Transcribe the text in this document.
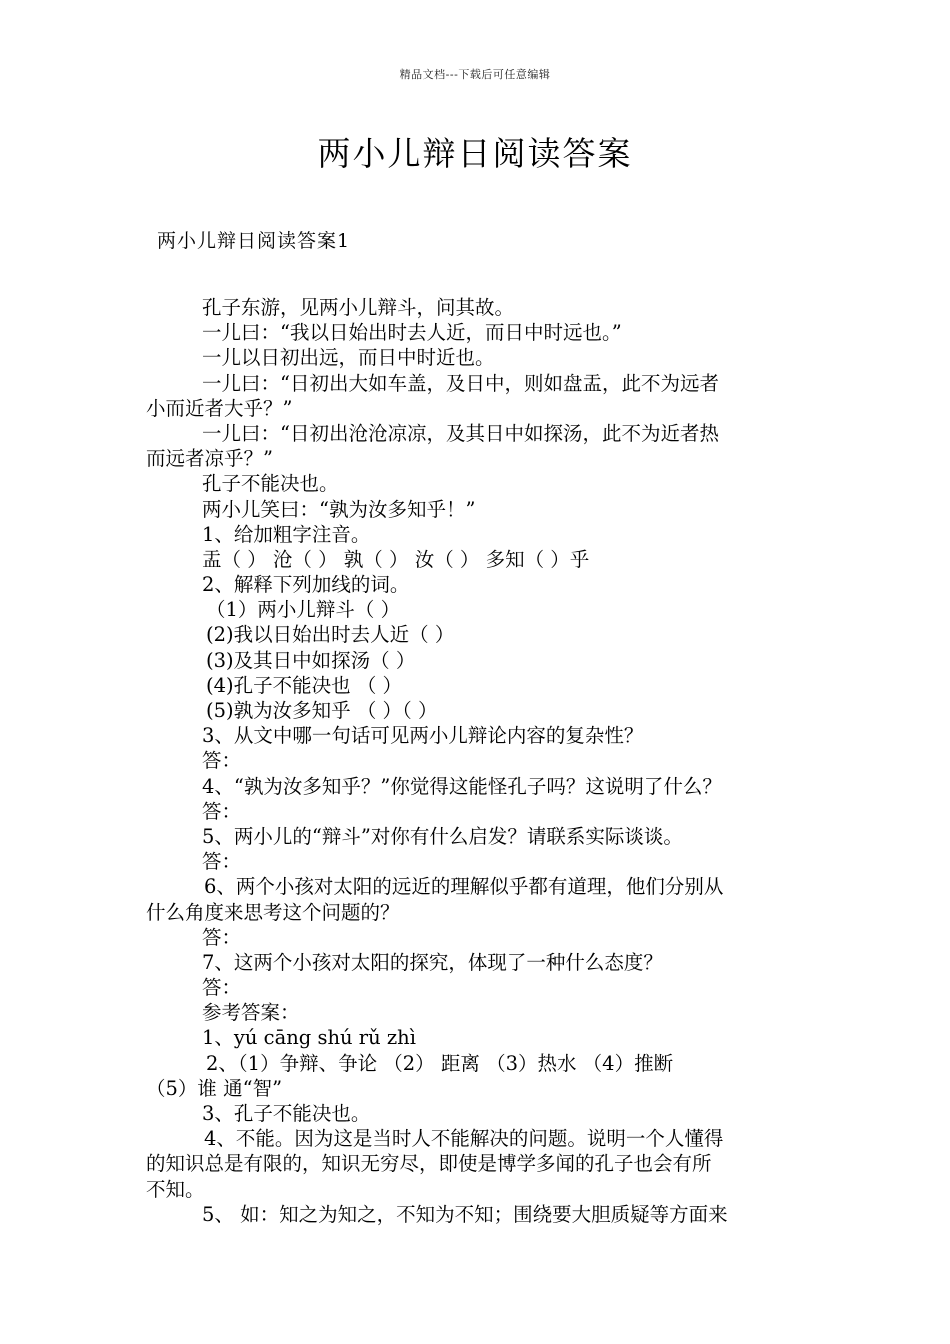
精品文档---下载后可任意编辑
两小儿辩日阅读答案
两小儿辩日阅读答案1
孔子东游，见两小儿辩斗，问其故。
一儿曰：“我以日始出时去人近，而日中时远也。”
一儿以日初出远，而日中时近也。
一儿曰：“日初出大如车盖，及日中，则如盘盂，此不为远者
小而近者大乎？”
一儿曰：“日初出沧沧凉凉，及其日中如探汤，此不为近者热
而远者凉乎？”
孔子不能决也。
两小儿笑曰：“孰为汝多知乎！”
1、给加粗字注音。
盂（ ） 沧（ ） 孰（ ） 汝（ ） 多知（ ）乎
2、解释下列加线的词。
（1）两小儿辩斗（ ）
(2)我以日始出时去人近（ ）
(3)及其日中如探汤（ ）
(4)孔子不能决也 （ ）
(5)孰为汝多知乎 （ ）（ ）
3、从文中哪一句话可见两小儿辩论内容的复杂性？
答：
4、“孰为汝多知乎？”你觉得这能怪孔子吗？这说明了什么？
答：
5、两小儿的“辩斗”对你有什么启发？请联系实际谈谈。
答：
6、两个小孩对太阳的远近的理解似乎都有道理，他们分别从
什么角度来思考这个问题的？
答：
7、这两个小孩对太阳的探究，体现了一种什么态度？
答：
参考答案：
1、yú cāng shú rǔ zhì
2、（1）争辩、争论 （2） 距离 （3）热水 （4）推断
（5）谁 通“智”
3、孔子不能决也。
4、不能。因为这是当时人不能解决的问题。说明一个人懂得
的知识总是有限的，知识无穷尽，即使是博学多闻的孔子也会有所
不知。
5、 如：知之为知之，不知为不知；围绕要大胆质疑等方面来
